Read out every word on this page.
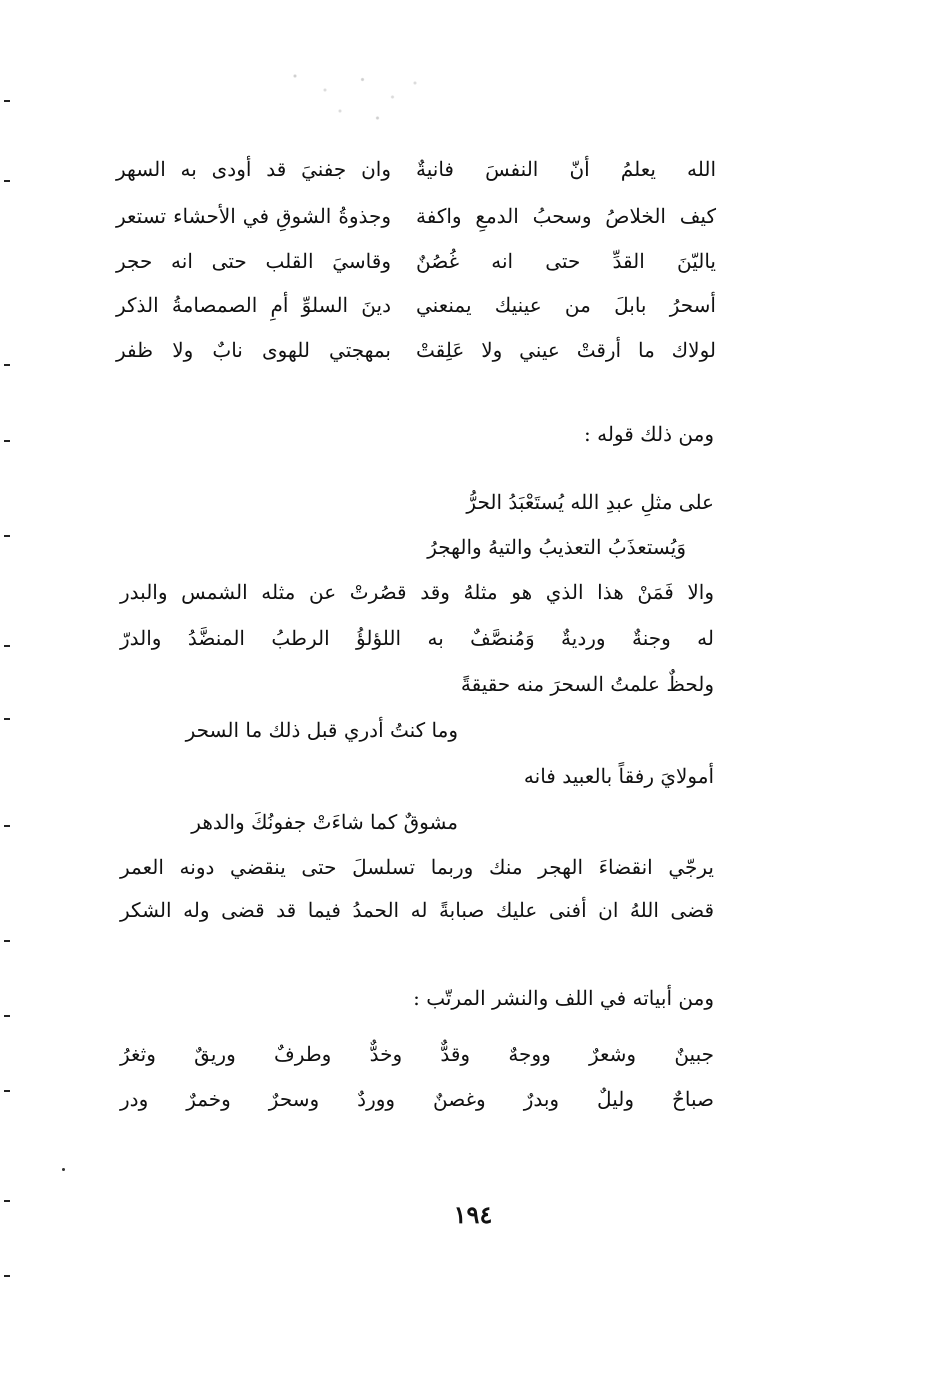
الله يعلمُ أنّ النفسَ فانيةٌ
وان جفنيَ قد أودى به السهر
كيف الخلاصُ وسحبُ الدمعِ واكفة
وجذوةُ الشوقِ في الأحشاء تستعر
ياليّنَ القدِّ حتى انه غُصُنٌ
وقاسيَ القلب حتى انه حجر
أسحرُ بابلَ من عينيك يمنعني
دينَ السلوِّ أمِ الصمصامةُ الذكر
لولاك ما أرقتْ عيني ولا عَلِقتْ
بمهجتي للهوى نابٌ ولا ظفر
ومن ذلك قوله :
على مثلِ عبدِ الله يُستَعْبَدُ الحرُّ
وَيُستعذَبُ التعذيبُ والتيهُ والهجرُ
والا فَمَنْ هذا الذي هو مثلهُ وقد قصُرتْ عن مثله الشمس والبدر
له وجنةٌ ورديةٌ وَمُنصَّفٌ به اللؤلؤُ الرطبُ المنضَّدُ والدرّ
ولحظٌ علمتُ السحرَ منه حقيقةً
وما كنتُ أدري قبل ذلك ما السحر
أمولايَ رفقاً بالعبيد فانه
مشوقٌ كما شاءَتْ جفونُكَ والدهر
يرجّي انقضاءَ الهجر منك وربما تسلسلَ حتى ينقضي دونه العمر
قضى اللهُ ان أفنى عليك صبابةً له الحمدُ فيما قد قضى وله الشكر
ومن أبياته في اللف والنشر المرتّب :
جبينٌ وشعرٌ ووجهٌ وقدٌّ وخدٌّ وطرفٌ وريقٌ وثغرُ
صباحٌ وليلٌ وبدرٌ وغصنٌ ووردٌ وسحرٌ وخمرٌ ودر
١٩٤
